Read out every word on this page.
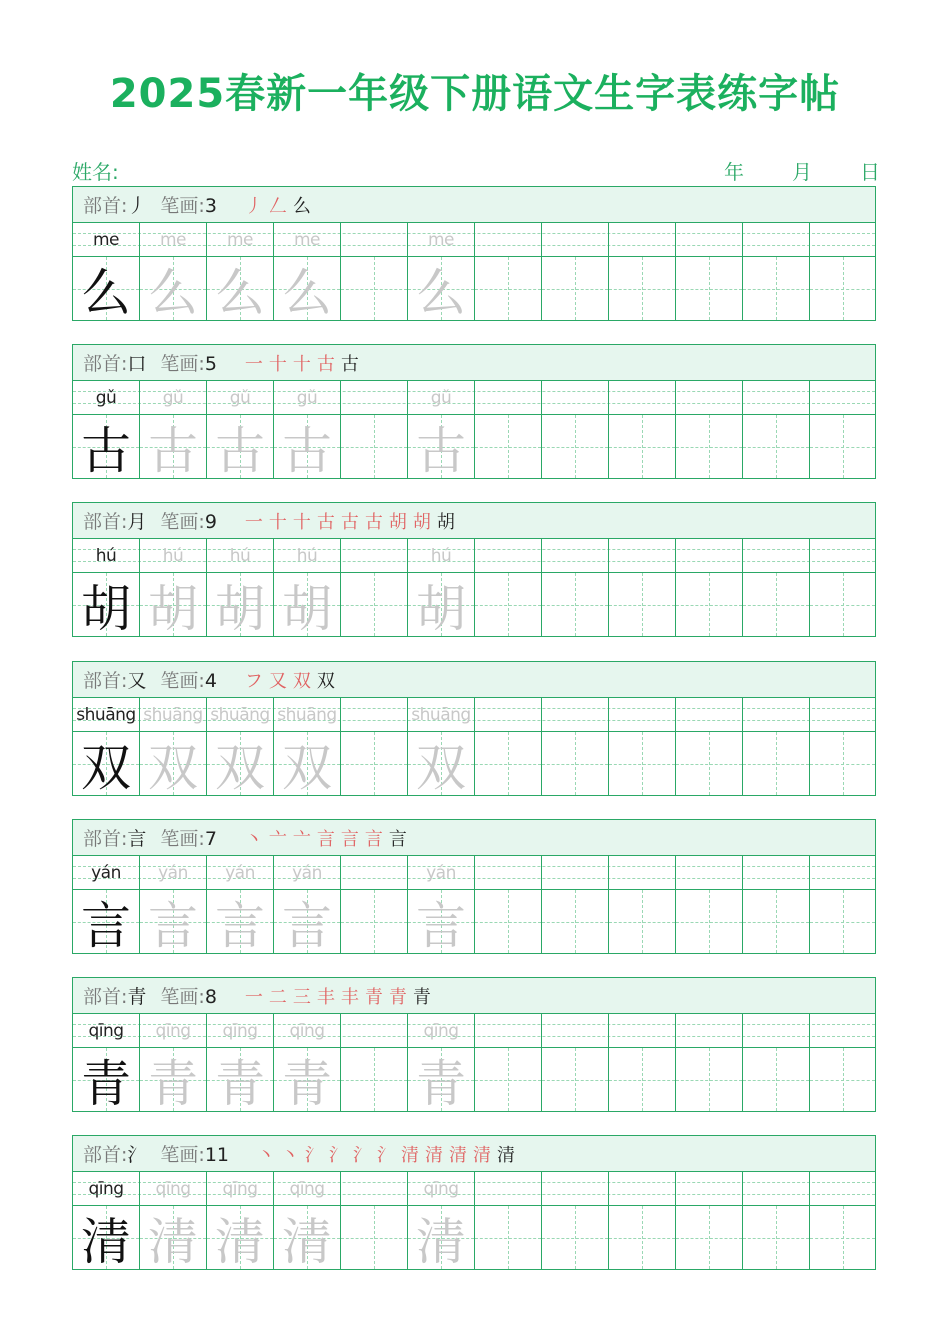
2025春新一年级下册语文生字表练字帖
姓名:	年 月 日
部首:丿 笔画:3 丿 𠃋 么
me	me	me	me	me
么 么 么 么 么
部首:口 笔画:5 一 十 十 古 古
gǔ	gǔ	gǔ	gǔ	gǔ
古 古 古 古 古
部首:月 笔画:9 一 十 十 古 古 古 胡 胡 胡
hú	hú	hú	hú	hú
胡 胡 胡 胡 胡
部首:又 笔画:4 フ 又 双 双
shuāng shuāng shuāng shuāng	shuāng
双 双 双 双 双
部首:言 笔画:7 丶 亠 亠 言 言 言 言
yán	yán	yán	yán	yán
言 言 言 言 言
部首:青 笔画:8 一 二 三 丰 丰 青 青 青
qīng	qīng	qīng	qīng	qīng
青 青 青 青 青
部首:氵 笔画:11 丶 丶 氵 氵 氵 氵 清 清 清 清 清
qīng	qīng	qīng	qīng	qīng
清 清 清 清 清
